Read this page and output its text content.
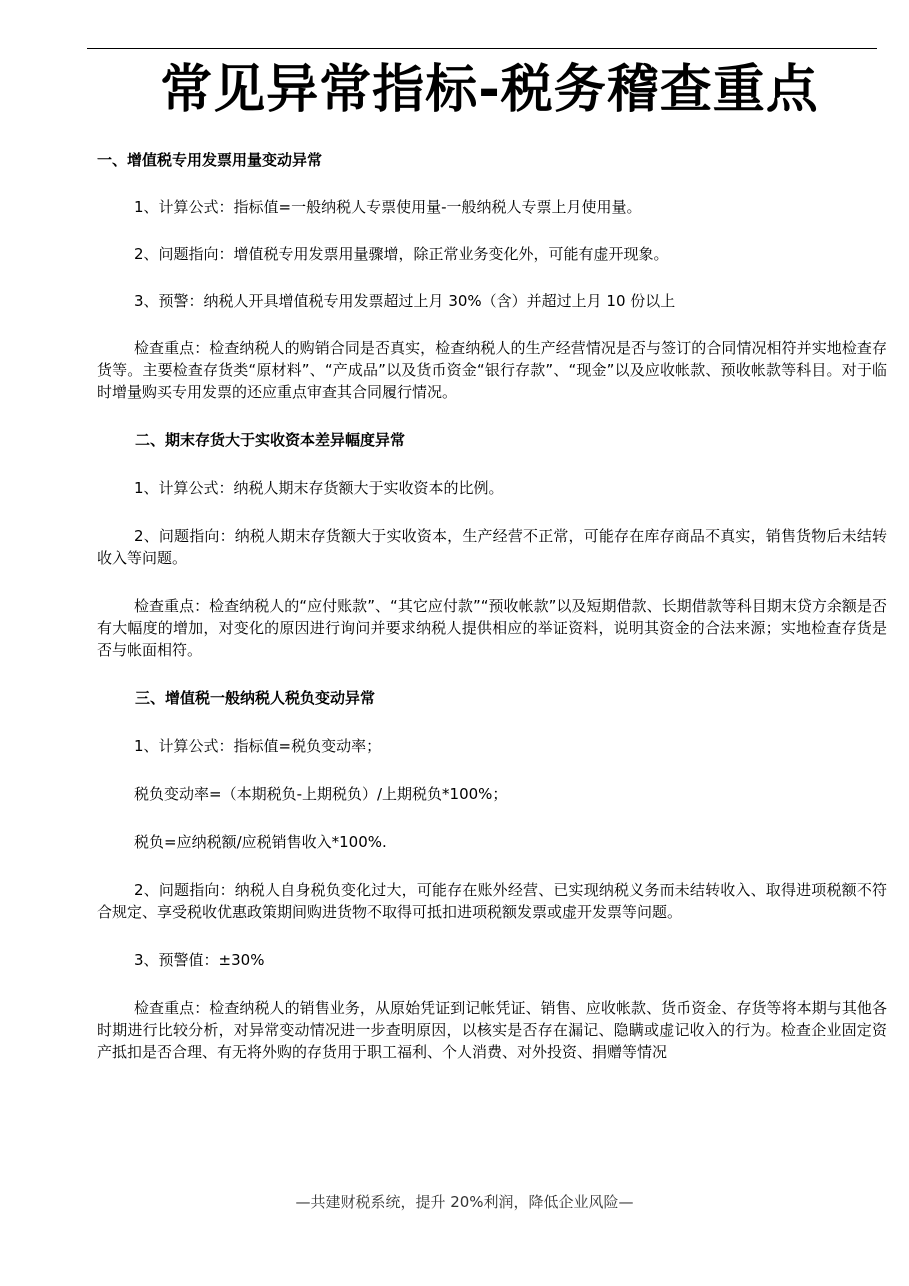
常见异常指标-税务稽查重点

一、增值税专用发票用量变动异常

1、计算公式：指标值=一般纳税人专票使用量-一般纳税人专票上月使用量。

2、问题指向：增值税专用发票用量骤增，除正常业务变化外，可能有虚开现象。

3、预警：纳税人开具增值税专用发票超过上月 30%（含）并超过上月 10 份以上

检查重点：检查纳税人的购销合同是否真实，检查纳税人的生产经营情况是否与签订的合同情况相符并实地检查存货等。主要检查存货类“原材料”、“产成品”以及货币资金“银行存款”、“现金”以及应收帐款、预收帐款等科目。对于临时增量购买专用发票的还应重点审查其合同履行情况。

二、期末存货大于实收资本差异幅度异常

1、计算公式：纳税人期末存货额大于实收资本的比例。

2、问题指向：纳税人期末存货额大于实收资本，生产经营不正常，可能存在库存商品不真实，销售货物后未结转收入等问题。

检查重点：检查纳税人的“应付账款”、“其它应付款”“预收帐款”以及短期借款、长期借款等科目期末贷方余额是否有大幅度的增加，对变化的原因进行询问并要求纳税人提供相应的举证资料，说明其资金的合法来源；实地检查存货是否与帐面相符。

三、增值税一般纳税人税负变动异常

1、计算公式：指标值=税负变动率；

税负变动率=（本期税负-上期税负）/上期税负*100%；

税负=应纳税额/应税销售收入*100%.

2、问题指向：纳税人自身税负变化过大，可能存在账外经营、已实现纳税义务而未结转收入、取得进项税额不符合规定、享受税收优惠政策期间购进货物不取得可抵扣进项税额发票或虚开发票等问题。

3、预警值：±30%

检查重点：检查纳税人的销售业务，从原始凭证到记帐凭证、销售、应收帐款、货币资金、存货等将本期与其他各时期进行比较分析，对异常变动情况进一步查明原因，以核实是否存在漏记、隐瞒或虚记收入的行为。检查企业固定资产抵扣是否合理、有无将外购的存货用于职工福利、个人消费、对外投资、捐赠等情况

—共建财税系统，提升 20%利润，降低企业风险—
